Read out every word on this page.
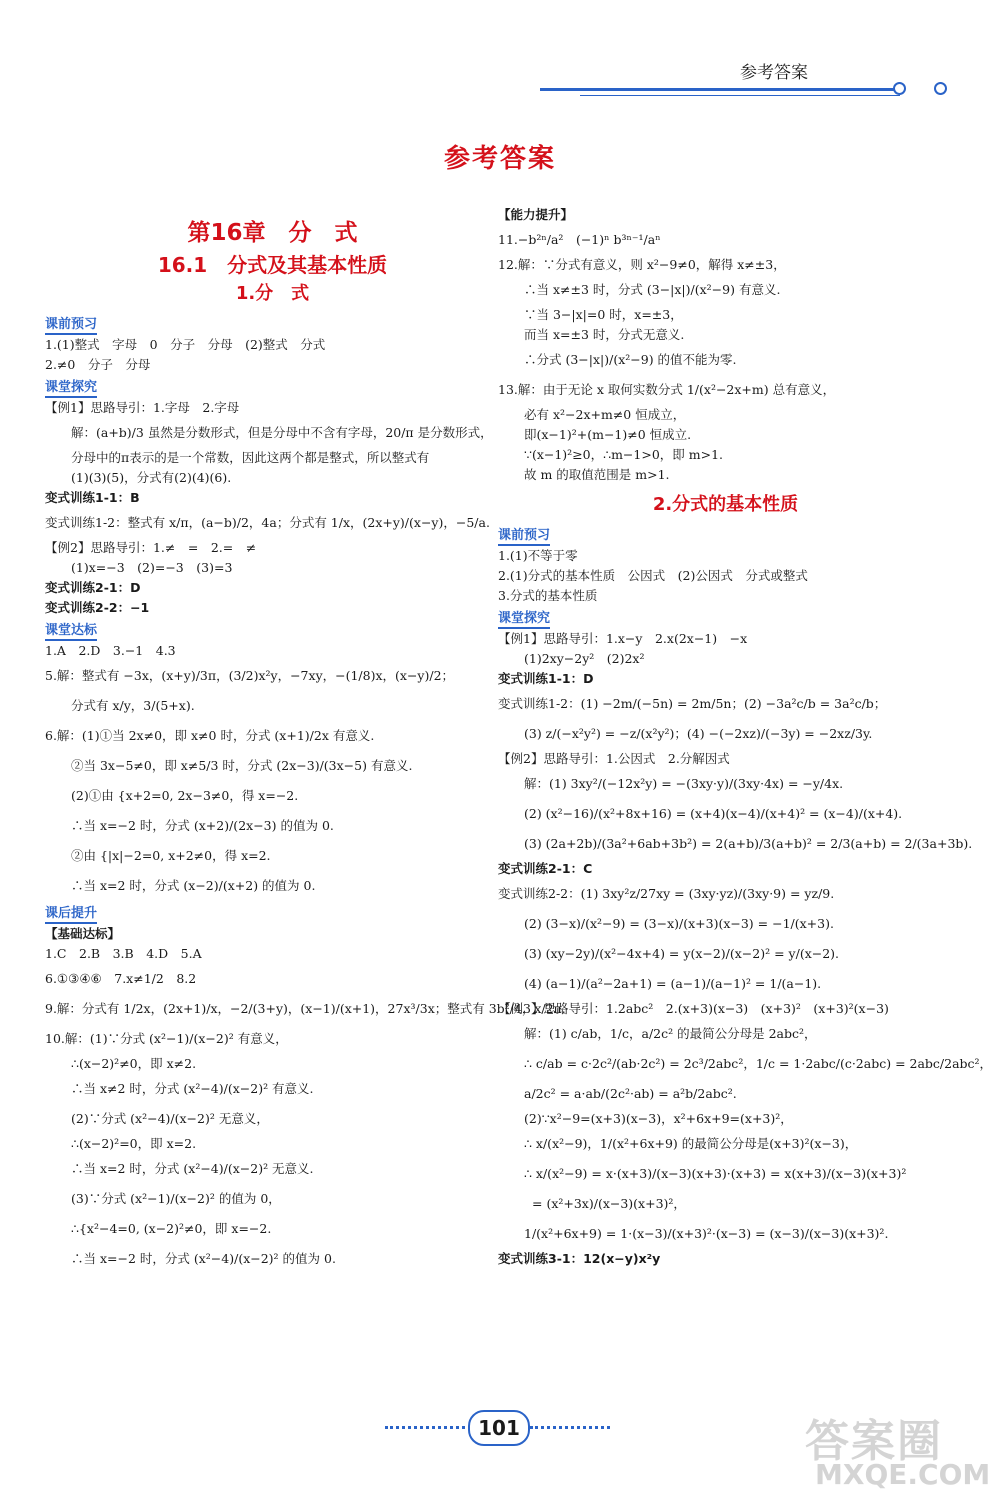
参考答案
参考答案
第16章　分　式
16.1　分式及其基本性质
1.分　式
课前预习
1.(1)整式　字母　0　分子　分母　(2)整式　分式
2.≠0　分子　分母
课堂探究
【例1】思路导引：1.字母　2.字母
解：(a+b)/3 虽然是分数形式，但是分母中不含有字母，20/π 是分数形式，
分母中的π表示的是一个常数，因此这两个都是整式，所以整式有
(1)(3)(5)，分式有(2)(4)(6).
变式训练1-1：B
变式训练1-2：整式有 x/π，(a−b)/2，4a；分式有 1/x，(2x+y)/(x−y)，−5/a.
【例2】思路导引：1.≠　=　2.=　≠
(1)x=−3　(2)=−3　(3)=3
变式训练2-1：D
变式训练2-2：−1
课堂达标
1.A　2.D　3.−1　4.3
5.解：整式有 −3x，(x+y)/3π，(3/2)x²y，−7xy，−(1/8)x，(x−y)/2；
分式有 x/y，3/(5+x).
6.解：(1)①当 2x≠0，即 x≠0 时，分式 (x+1)/2x 有意义.
②当 3x−5≠0，即 x≠5/3 时，分式 (2x−3)/(3x−5) 有意义.
(2)①由 {x+2=0, 2x−3≠0，得 x=−2.
∴当 x=−2 时，分式 (x+2)/(2x−3) 的值为 0.
②由 {|x|−2=0, x+2≠0，得 x=2.
∴当 x=2 时，分式 (x−2)/(x+2) 的值为 0.
课后提升
【基础达标】
1.C　2.B　3.B　4.D　5.A
6.①③④⑥　7.x≠1/2　8.2
9.解：分式有 1/2x，(2x+1)/x，−2/(3+y)，(x−1)/(x+1)，27x³/3x；整式有 3b²/4，x/2π.
10.解：(1)∵分式 (x²−1)/(x−2)² 有意义，
∴(x−2)²≠0，即 x≠2.
∴当 x≠2 时，分式 (x²−4)/(x−2)² 有意义.
(2)∵分式 (x²−4)/(x−2)² 无意义，
∴(x−2)²=0，即 x=2.
∴当 x=2 时，分式 (x²−4)/(x−2)² 无意义.
(3)∵分式 (x²−1)/(x−2)² 的值为 0，
∴{x²−4=0, (x−2)²≠0，即 x=−2.
∴当 x=−2 时，分式 (x²−4)/(x−2)² 的值为 0.
【能力提升】
11.−b²ⁿ/a²　(−1)ⁿ b³ⁿ⁻¹/aⁿ
12.解：∵分式有意义，则 x²−9≠0，解得 x≠±3，
∴当 x≠±3 时，分式 (3−|x|)/(x²−9) 有意义.
∵当 3−|x|=0 时，x=±3，
而当 x=±3 时，分式无意义.
∴分式 (3−|x|)/(x²−9) 的值不能为零.
13.解：由于无论 x 取何实数分式 1/(x²−2x+m) 总有意义，
必有 x²−2x+m≠0 恒成立，
即(x−1)²+(m−1)≠0 恒成立.
∵(x−1)²≥0，∴m−1>0，即 m>1.
故 m 的取值范围是 m>1.
2.分式的基本性质
课前预习
1.(1)不等于零
2.(1)分式的基本性质　公因式　(2)公因式　分式或整式
3.分式的基本性质
课堂探究
【例1】思路导引：1.x−y　2.x(2x−1)　−x
(1)2xy−2y²　(2)2x²
变式训练1-1：D
变式训练1-2：(1) −2m/(−5n) = 2m/5n；(2) −3a²c/b = 3a²c/b；
(3) z/(−x²y²) = −z/(x²y²)；(4) −(−2xz)/(−3y) = −2xz/3y.
【例2】思路导引：1.公因式　2.分解因式
解：(1) 3xy²/(−12x²y) = −(3xy·y)/(3xy·4x) = −y/4x.
(2) (x²−16)/(x²+8x+16) = (x+4)(x−4)/(x+4)² = (x−4)/(x+4).
(3) (2a+2b)/(3a²+6ab+3b²) = 2(a+b)/3(a+b)² = 2/3(a+b) = 2/(3a+3b).
变式训练2-1：C
变式训练2-2：(1) 3xy²z/27xy = (3xy·yz)/(3xy·9) = yz/9.
(2) (3−x)/(x²−9) = (3−x)/(x+3)(x−3) = −1/(x+3).
(3) (xy−2y)/(x²−4x+4) = y(x−2)/(x−2)² = y/(x−2).
(4) (a−1)/(a²−2a+1) = (a−1)/(a−1)² = 1/(a−1).
【例3】思路导引：1.2abc²　2.(x+3)(x−3)　(x+3)²　(x+3)²(x−3)
解：(1) c/ab，1/c，a/2c² 的最简公分母是 2abc²，
∴ c/ab = c·2c²/(ab·2c²) = 2c³/2abc²，1/c = 1·2abc/(c·2abc) = 2abc/2abc²，
a/2c² = a·ab/(2c²·ab) = a²b/2abc².
(2)∵x²−9=(x+3)(x−3)，x²+6x+9=(x+3)²，
∴ x/(x²−9)，1/(x²+6x+9) 的最简公分母是(x+3)²(x−3)，
∴ x/(x²−9) = x·(x+3)/(x−3)(x+3)·(x+3) = x(x+3)/(x−3)(x+3)²
= (x²+3x)/(x−3)(x+3)²，
1/(x²+6x+9) = 1·(x−3)/(x+3)²·(x−3) = (x−3)/(x−3)(x+3)².
变式训练3-1：12(x−y)x²y
101	答案圈
MXQE.COM
